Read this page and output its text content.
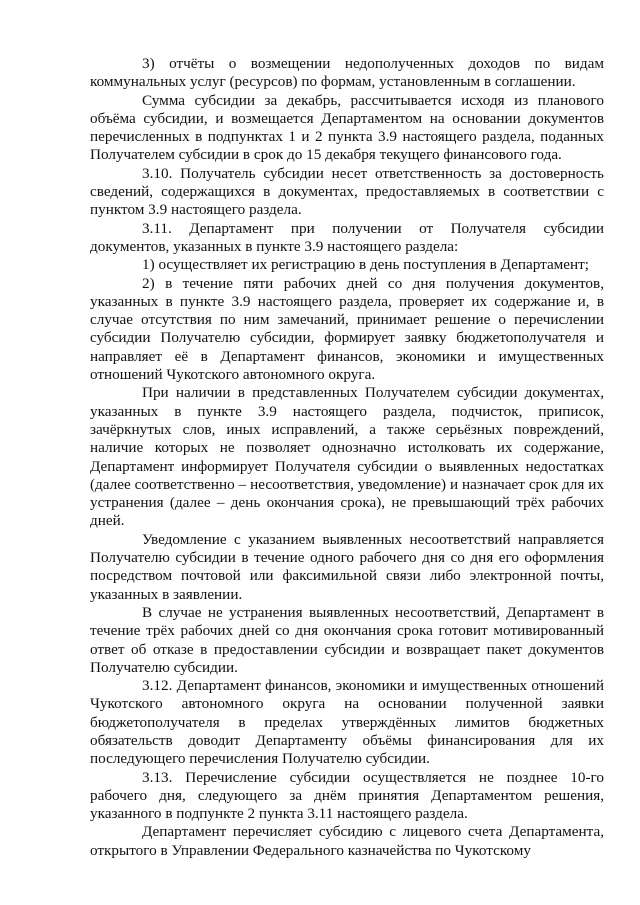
3) отчёты о возмещении недополученных доходов по видам коммунальных услуг (ресурсов) по формам, установленным в соглашении.

Сумма субсидии за декабрь, рассчитывается исходя из планового объёма субсидии, и возмещается Департаментом на основании документов перечисленных в подпунктах 1 и 2 пункта 3.9 настоящего раздела, поданных Получателем субсидии в срок до 15 декабря текущего финансового года.

3.10. Получатель субсидии несет ответственность за достоверность сведений, содержащихся в документах, предоставляемых в соответствии с пунктом 3.9 настоящего раздела.

3.11. Департамент при получении от Получателя субсидии документов, указанных в пункте 3.9 настоящего раздела:

1) осуществляет их регистрацию в день поступления в Департамент;

2) в течение пяти рабочих дней со дня получения документов, указанных в пункте 3.9 настоящего раздела, проверяет их содержание и, в случае отсутствия по ним замечаний, принимает решение о перечислении субсидии Получателю субсидии, формирует заявку бюджетополучателя и направляет её в Департамент финансов, экономики и имущественных отношений Чукотского автономного округа.

При наличии в представленных Получателем субсидии документах, указанных в пункте 3.9 настоящего раздела, подчисток, приписок, зачёркнутых слов, иных исправлений, а также серьёзных повреждений, наличие которых не позволяет однозначно истолковать их содержание, Департамент информирует Получателя субсидии о выявленных недостатках (далее соответственно – несоответствия, уведомление) и назначает срок для их устранения (далее – день окончания срока), не превышающий трёх рабочих дней.

Уведомление с указанием выявленных несоответствий направляется Получателю субсидии в течение одного рабочего дня со дня его оформления посредством почтовой или факсимильной связи либо электронной почты, указанных в заявлении.

В случае не устранения выявленных несоответствий, Департамент в течение трёх рабочих дней со дня окончания срока готовит мотивированный ответ об отказе в предоставлении субсидии и возвращает пакет документов Получателю субсидии.

3.12. Департамент финансов, экономики и имущественных отношений Чукотского автономного округа на основании полученной заявки бюджетополучателя в пределах утверждённых лимитов бюджетных обязательств доводит Департаменту объёмы финансирования для их последующего перечисления Получателю субсидии.

3.13. Перечисление субсидии осуществляется не позднее 10-го рабочего дня, следующего за днём принятия Департаментом решения, указанного в подпункте 2 пункта 3.11 настоящего раздела.

Департамент перечисляет субсидию с лицевого счета Департамента, открытого в Управлении Федерального казначейства по Чукотскому
